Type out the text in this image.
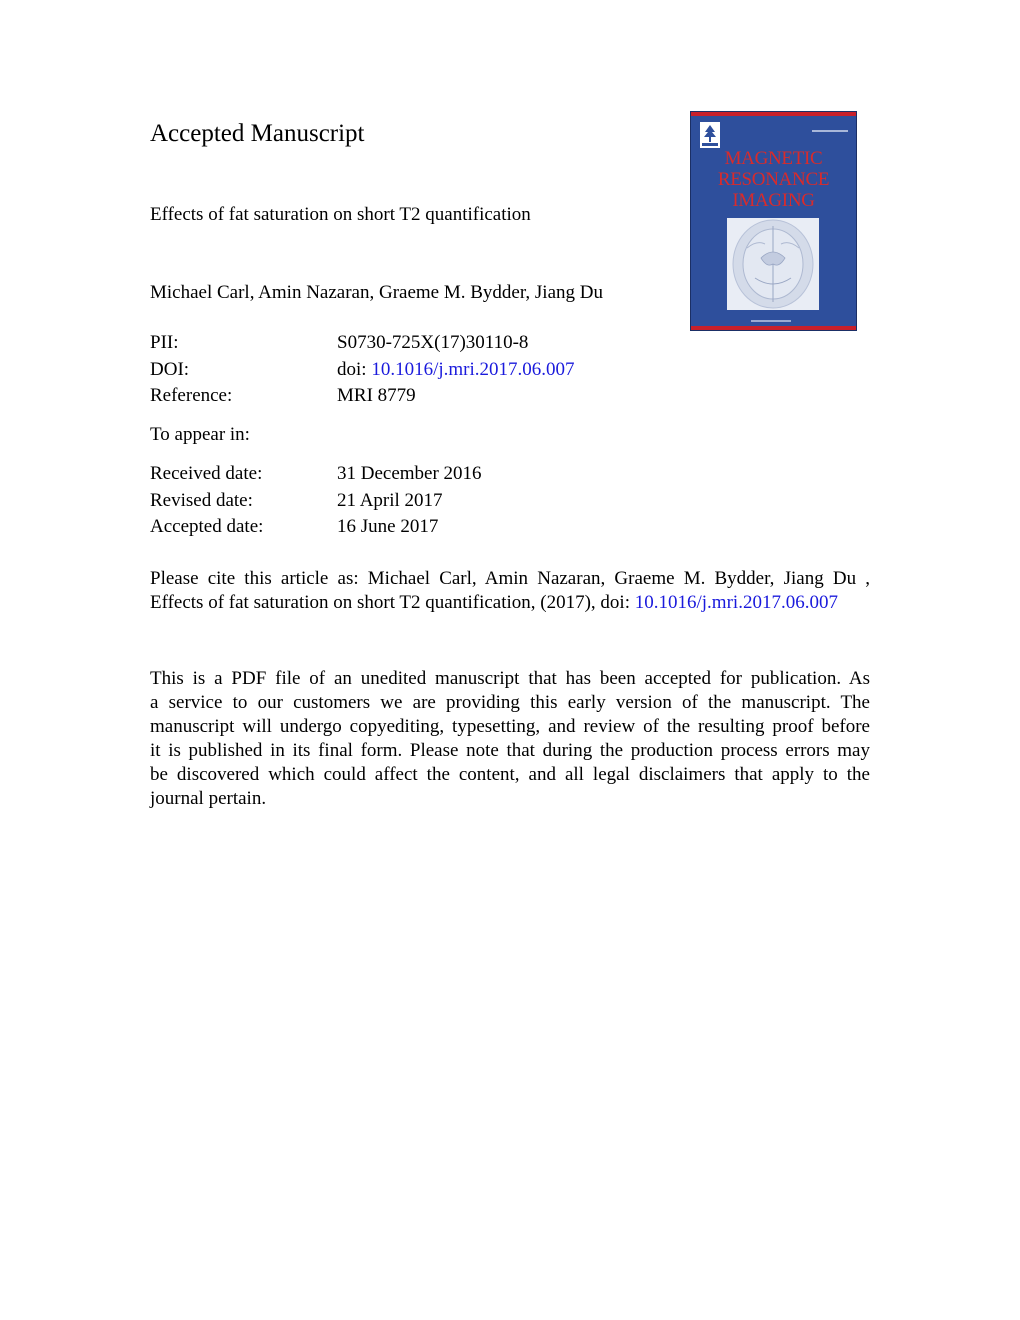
Accepted Manuscript
MAGNETIC
RESONANCE
IMAGING
Effects of fat saturation on short T2 quantification
Michael Carl, Amin Nazaran, Graeme M. Bydder, Jiang Du
PII:	S0730-725X(17)30110-8
DOI:	doi: 10.1016/j.mri.2017.06.007
Reference:	MRI 8779
To appear in:
Received date:	31 December 2016
Revised date:	21 April 2017
Accepted date:	16 June 2017
Please cite this article as: Michael Carl, Amin Nazaran, Graeme M. Bydder, Jiang Du ,
Effects of fat saturation on short T2 quantification, (2017), doi: 10.1016/j.mri.2017.06.007
This is a PDF file of an unedited manuscript that has been accepted for publication. As
a service to our customers we are providing this early version of the manuscript. The
manuscript will undergo copyediting, typesetting, and review of the resulting proof before
it is published in its final form. Please note that during the production process errors may
be discovered which could affect the content, and all legal disclaimers that apply to the
journal pertain.
